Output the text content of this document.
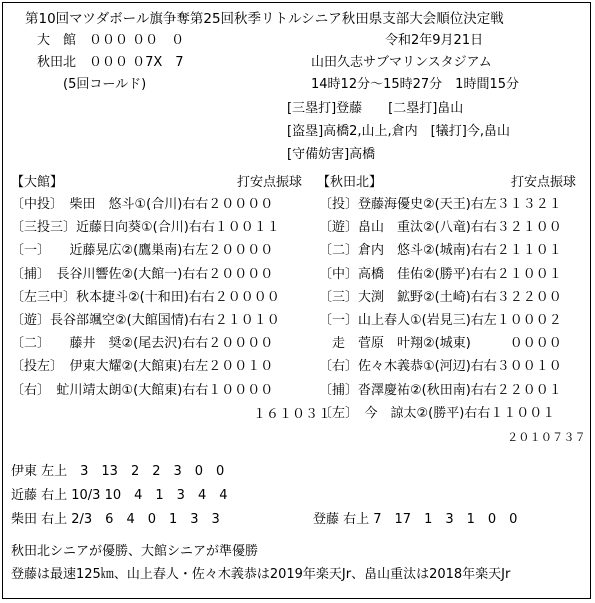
第10回マツダボール旗争奪第25回秋季リトルシニア秋田県支部大会順位決定戦
大　館 ０００ ００　０	令和2年9月21日
秋田北 ０００ ０7X　7	山田久志サブマリンスタジアム
(5回コールド)	14時12分～15時27分　1時間15分
[三塁打]登藤　　[二塁打]畠山
[盗塁]高橋2,山上,倉内　[犠打]今,畠山
[守備妨害]高橋
【大館】	打安点振球 【秋田北】	打安点振球
〔中投〕　柴田　悠斗①(合川)右右２００００
〔三投三〕近藤日向葵①(合川)右右１００１１
〔一〕　　近藤晃広②(鷹巣南)右左２００００
〔捕〕　長谷川響佐②(大館一)右右２００００
〔左三中〕秋本捷斗②(十和田)右右２００００
〔遊〕長谷部颯空②(大館国情)右右２１０１０
〔二〕　　藤井　奨②(尾去沢)右右２００００
〔投左〕　伊東大耀②(大館東)右左２００１０
〔右〕　虻川靖太朗①(大館東)右右１００００
〔投〕登藤海優史②(天王)右左３１３２１
〔遊〕畠山　重汰②(八竜)右右３２１００
〔二〕倉内　悠斗②(城南)右右２１１０１
〔中〕高橋　佳佑②(勝平)右右２１００１
〔三〕大渕　鉱野②(土崎)右右３２２００
〔一〕山上春人①(岩見三)右左１０００２
　走　菅原　叶翔②(城東)　　　００００
〔右〕佐々木義恭①(河辺)右右３００１０
〔捕〕沓澤慶祐②(秋田南)右右２２００１
〔左〕　今　諒太②(勝平)右右１１００１
１６１０３１
２０１０７３７
伊東 左上　3　13　2　2　3　0　0
近藤 右上 10/3 10　4　1　3　4　4
柴田 右上 2/3　6　4　0　1　3　3	登藤 右上 7　17　1　3　1　0　0
秋田北シニアが優勝、大館シニアが準優勝
登藤は最速125㎞、山上春人・佐々木義恭は2019年楽天Jr、畠山重汰は2018年楽天Jr
